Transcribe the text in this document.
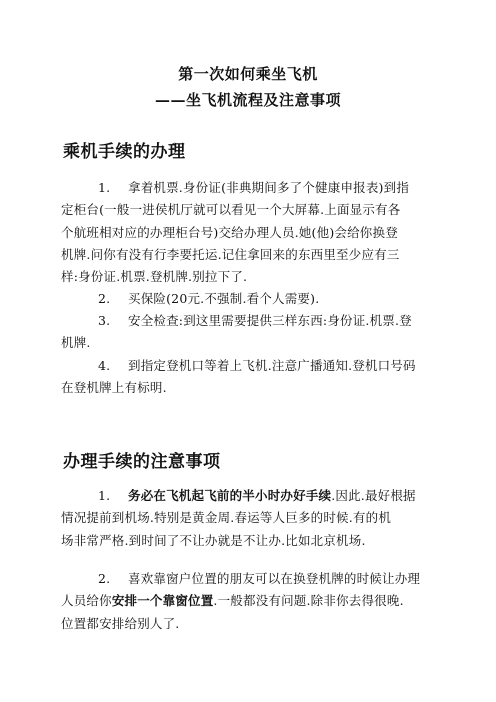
第一次如何乘坐飞机
——坐飞机流程及注意事项
乘机手续的办理
1. 拿着机票.身份证(非典期间多了个健康申报表)到指
定柜台(一般一进侯机厅就可以看见一个大屏幕.上面显示有各
个航班相对应的办理柜台号)交给办理人员.她(他)会给你换登
机牌.问你有没有行李要托运.记住拿回来的东西里至少应有三
样:身份证.机票.登机牌.别拉下了.
2. 买保险(20元.不强制.看个人需要).
3. 安全检查:到这里需要提供三样东西:身份证.机票.登
机牌.
4. 到指定登机口等着上飞机.注意广播通知.登机口号码
在登机牌上有标明.
办理手续的注意事项
1. 务必在飞机起飞前的半小时办好手续.因此.最好根据
情况提前到机场.特别是黄金周.春运等人巨多的时候.有的机
场非常严格.到时间了不让办就是不让办.比如北京机场.
2. 喜欢靠窗户位置的朋友可以在换登机牌的时候让办理
人员给你安排一个靠窗位置.一般都没有问题.除非你去得很晚.
位置都安排给别人了.
